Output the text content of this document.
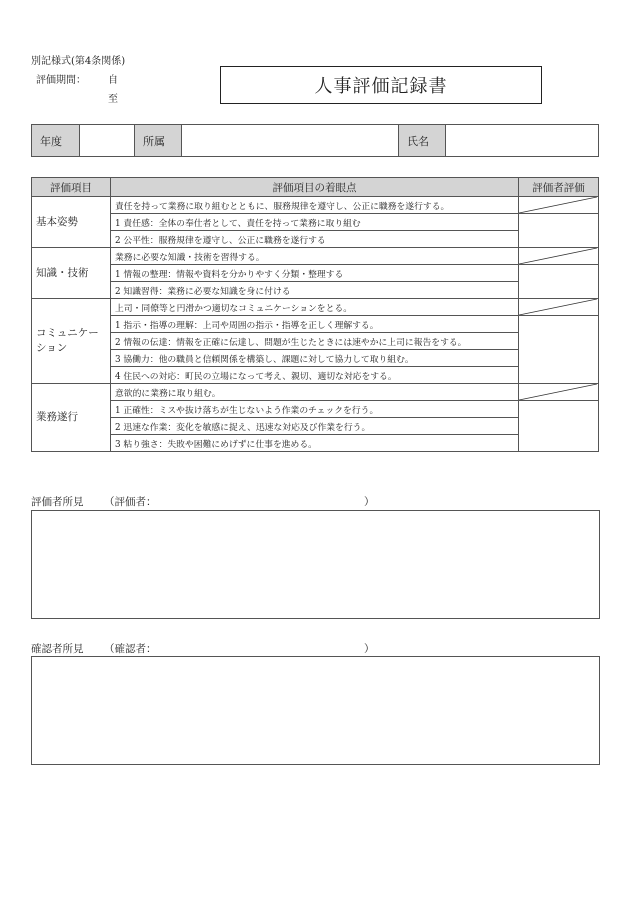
別記様式(第4条関係)
評価期間： 自
至
人事評価記録書
年度		所属		氏名	
評価項目	評価項目の着眼点	評価者評価
基本姿勢	責任を持って業務に取り組むとともに、服務規律を遵守し、公正に職務を遂行する。	

	1 責任感：全体の奉仕者として、責任を持って業務に取り組む	
	2 公平性：服務規律を遵守し、公正に職務を遂行する	
知識・技術	業務に必要な知識・技術を習得する。	

	1 情報の整理：情報や資料を分かりやすく分類・整理する	
	2 知識習得：業務に必要な知識を身に付ける	
コミュニケーション	上司・同僚等と円滑かつ適切なコミュニケーションをとる。	

	1 指示・指導の理解：上司や周囲の指示・指導を正しく理解する。	
	2 情報の伝達：情報を正確に伝達し、問題が生じたときには速やかに上司に報告をする。	
	3 協働力：他の職員と信頼関係を構築し、課題に対して協力して取り組む。	
	4 住民への対応：町民の立場になって考え、親切、適切な対応をする。	
業務遂行	意欲的に業務に取り組む。	

	1 正確性：ミスや抜け落ちが生じないよう作業のチェックを行う。	
	2 迅速な作業：変化を敏感に捉え、迅速な対応及び作業を行う。	
	3 粘り強さ：失敗や困難にめげずに仕事を進める。	
評価者所見 （評価者：	）
確認者所見 （確認者：	）
